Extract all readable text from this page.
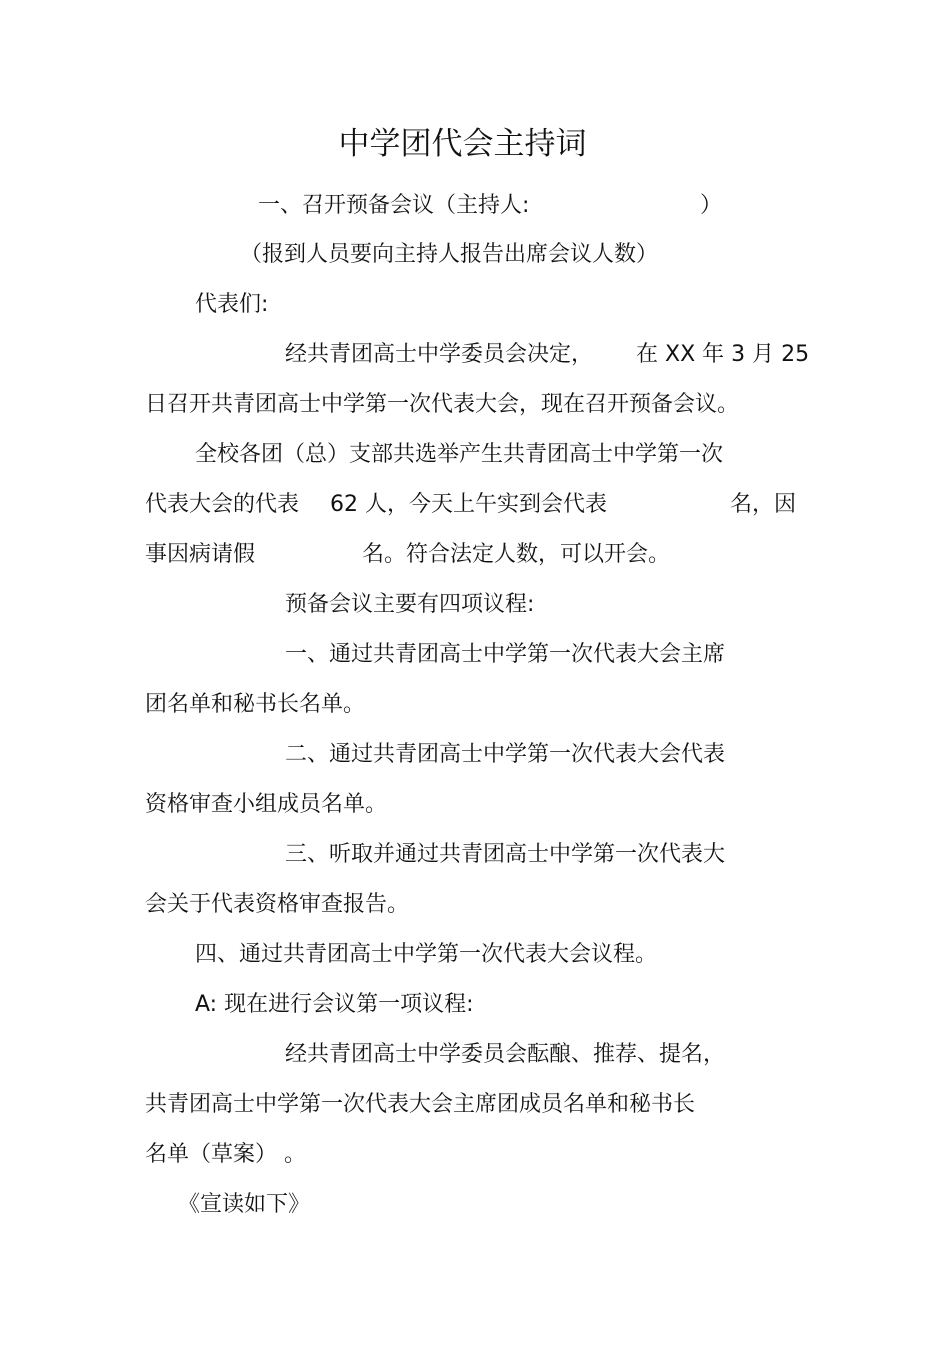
中学团代会主持词
一、召开预备会议（主持人:	）
（报到人员要向主持人报告出席会议人数）
代表们:
经共青团高士中学委员会决定， 在 XX 年 3 月 25
日召开共青团高士中学第一次代表大会，现在召开预备会议。
全校各团（总）支部共选举产生共青团高士中学第一次
代表大会的代表 62 人，今天上午实到会代表	名，因
事因病请假	名。符合法定人数，可以开会。
预备会议主要有四项议程:
一、通过共青团高士中学第一次代表大会主席
团名单和秘书长名单。
二、通过共青团高士中学第一次代表大会代表
资格审查小组成员名单。
三、听取并通过共青团高士中学第一次代表大
会关于代表资格审查报告。
四、通过共青团高士中学第一次代表大会议程。
A: 现在进行会议第一项议程:
经共青团高士中学委员会酝酿、推荐、提名，
共青团高士中学第一次代表大会主席团成员名单和秘书长
名单（草案） 。
《宣读如下》
